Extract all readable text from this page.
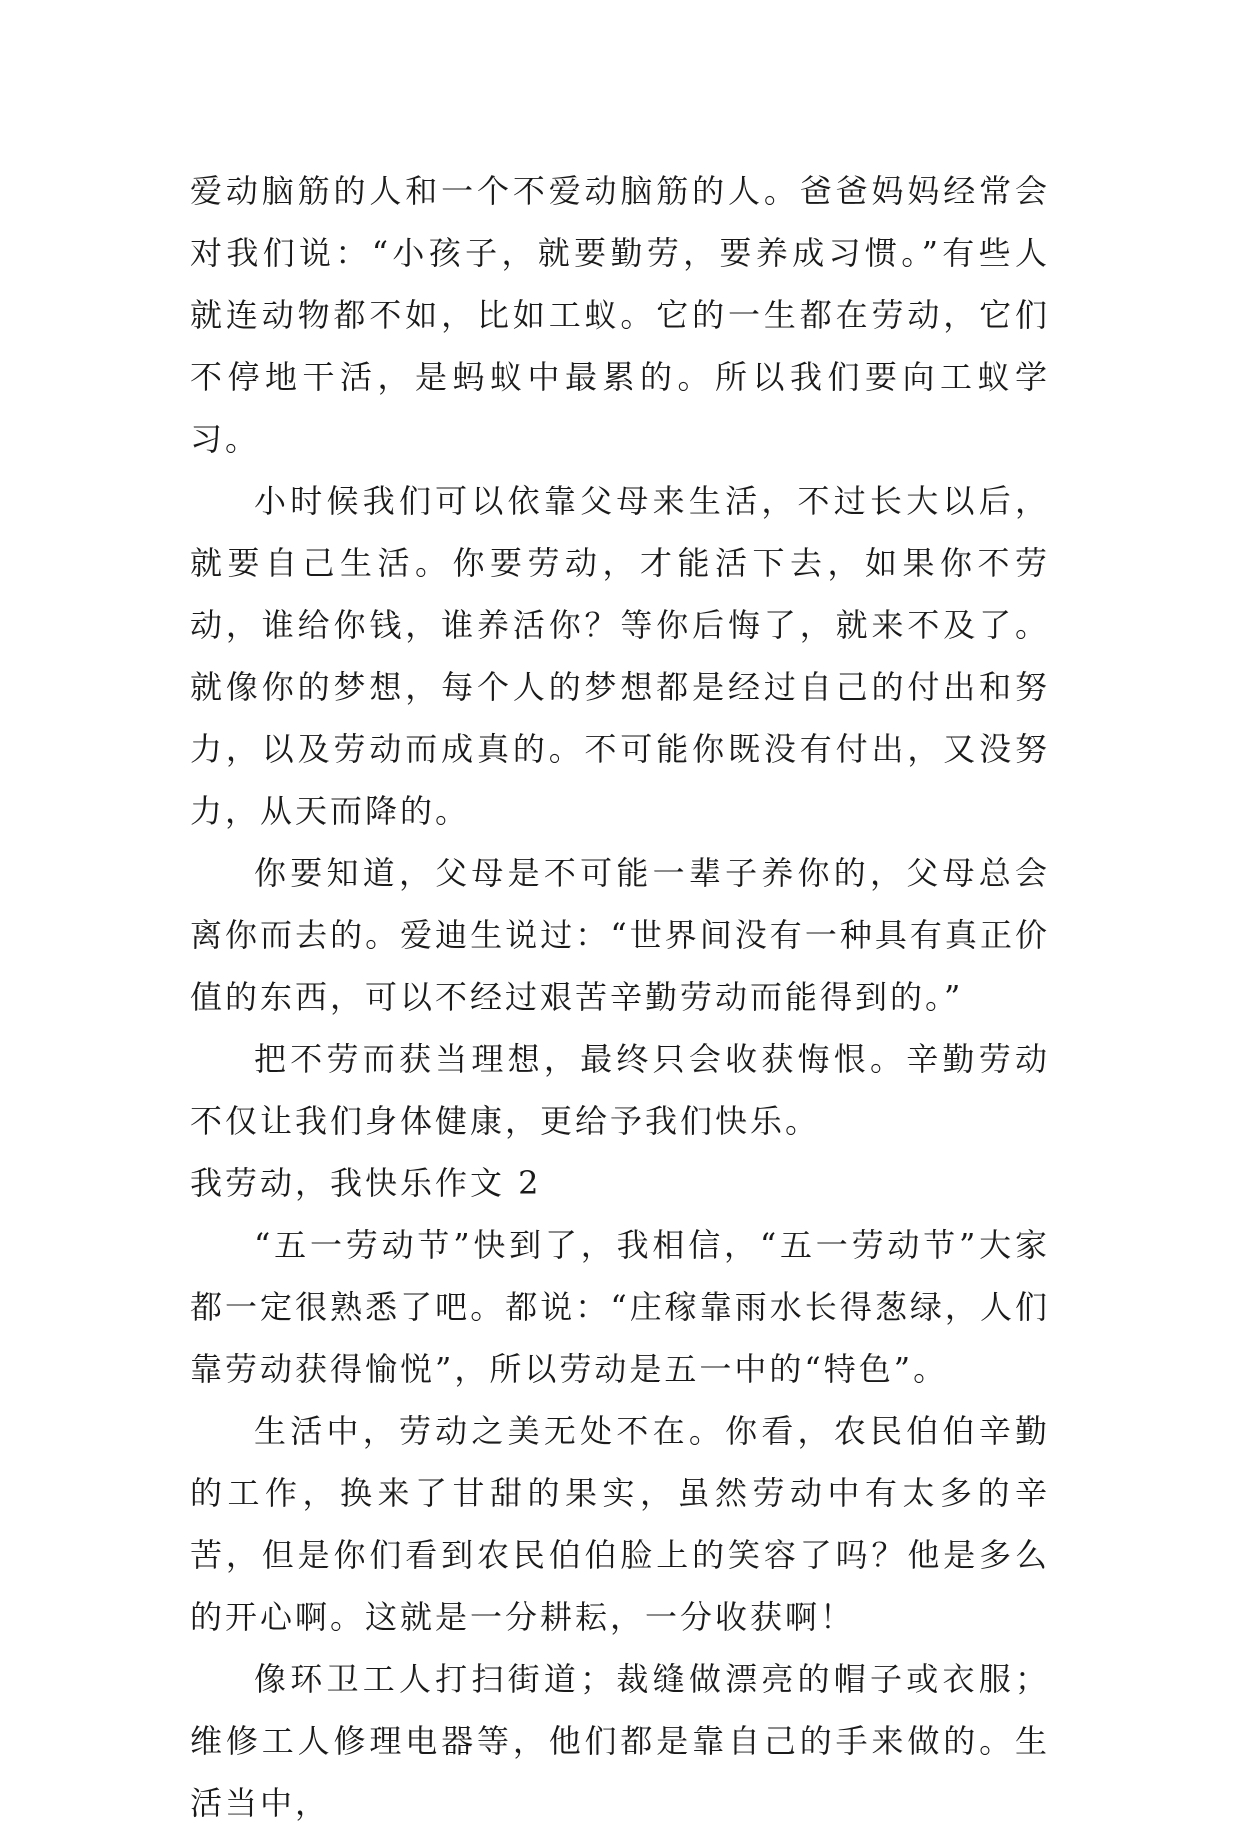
爱动脑筋的人和一个不爱动脑筋的人。爸爸妈妈经常会对我们说：“小孩子，就要勤劳，要养成习惯。”有些人就连动物都不如，比如工蚁。它的一生都在劳动，它们不停地干活，是蚂蚁中最累的。所以我们要向工蚁学习。

小时候我们可以依靠父母来生活，不过长大以后，就要自己生活。你要劳动，才能活下去，如果你不劳动，谁给你钱，谁养活你？等你后悔了，就来不及了。就像你的梦想，每个人的梦想都是经过自己的付出和努力，以及劳动而成真的。不可能你既没有付出，又没努力，从天而降的。

你要知道，父母是不可能一辈子养你的，父母总会离你而去的。爱迪生说过：“世界间没有一种具有真正价值的东西，可以不经过艰苦辛勤劳动而能得到的。”

把不劳而获当理想，最终只会收获悔恨。辛勤劳动不仅让我们身体健康，更给予我们快乐。

我劳动，我快乐作文 2

“五一劳动节”快到了，我相信，“五一劳动节”大家都一定很熟悉了吧。都说：“庄稼靠雨水长得葱绿，人们靠劳动获得愉悦”，所以劳动是五一中的“特色”。

生活中，劳动之美无处不在。你看，农民伯伯辛勤的工作，换来了甘甜的果实，虽然劳动中有太多的辛苦，但是你们看到农民伯伯脸上的笑容了吗？他是多么的开心啊。这就是一分耕耘，一分收获啊！

像环卫工人打扫街道；裁缝做漂亮的帽子或衣服；维修工人修理电器等，他们都是靠自己的手来做的。生活当中，
